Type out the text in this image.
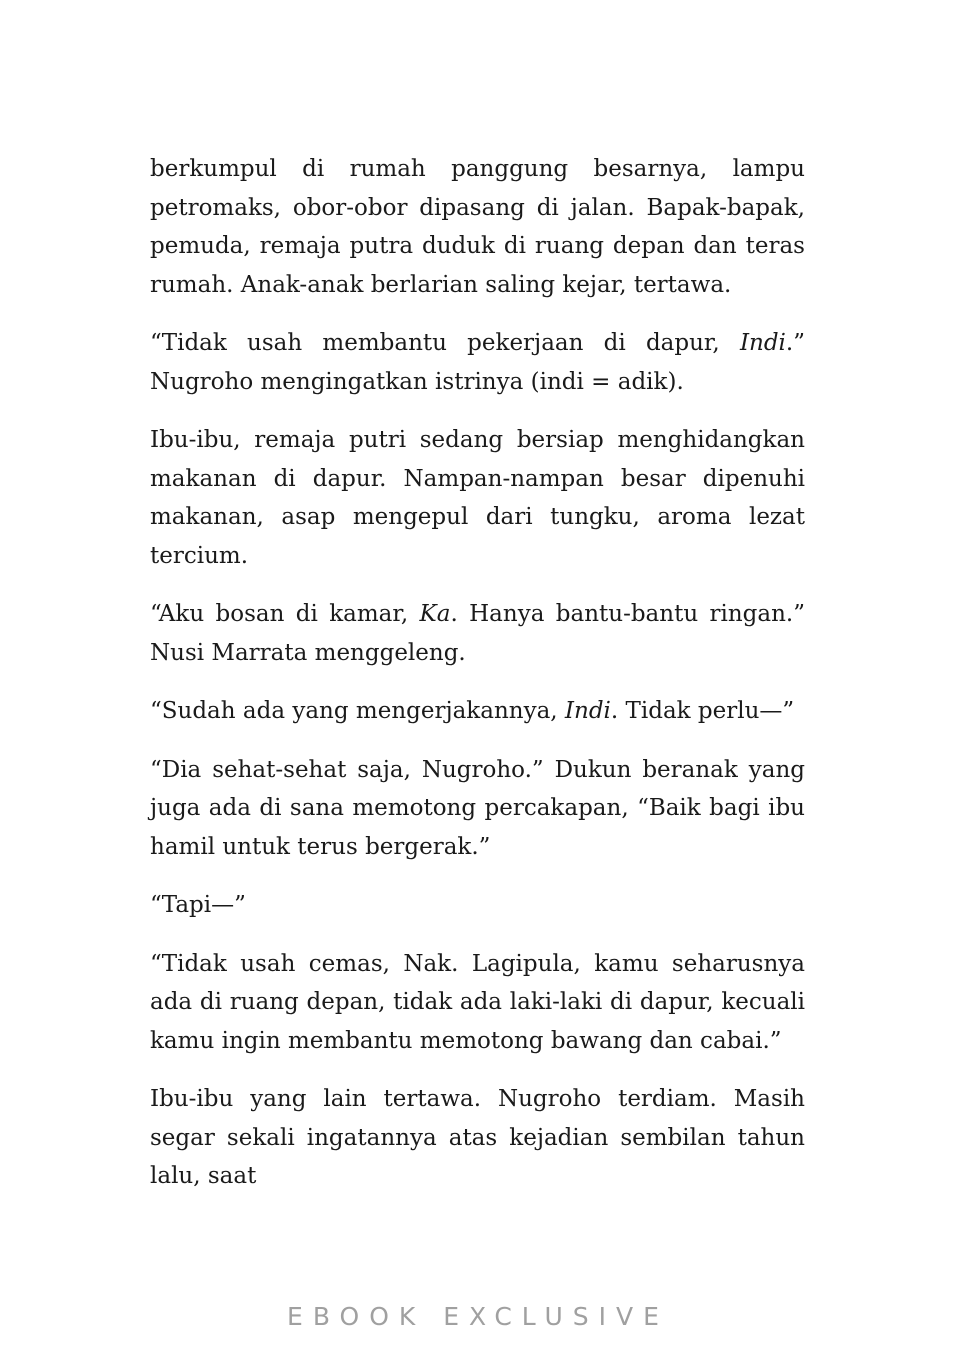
berkumpul di rumah panggung besarnya, lampu petromaks, obor-obor dipasang di jalan. Bapak-bapak, pemuda, remaja putra duduk di ruang depan dan teras rumah. Anak-anak berlarian saling kejar, tertawa.

“Tidak usah membantu pekerjaan di dapur, Indi.” Nugroho mengingatkan istrinya (indi = adik).

Ibu-ibu, remaja putri sedang bersiap menghidangkan makanan di dapur. Nampan-nampan besar dipenuhi makanan, asap mengepul dari tungku, aroma lezat tercium.

“Aku bosan di kamar, Ka. Hanya bantu-bantu ringan.” Nusi Marrata menggeleng.

“Sudah ada yang mengerjakannya, Indi. Tidak perlu—”

“Dia sehat-sehat saja, Nugroho.” Dukun beranak yang juga ada di sana memotong percakapan, “Baik bagi ibu hamil untuk terus bergerak.”

“Tapi—”

“Tidak usah cemas, Nak. Lagipula, kamu seharusnya ada di ruang depan, tidak ada laki-laki di dapur, kecuali kamu ingin membantu memotong bawang dan cabai.”

Ibu-ibu yang lain tertawa. Nugroho terdiam. Masih segar sekali ingatannya atas kejadian sembilan tahun lalu, saat

EBOOK EXCLUSIVE
